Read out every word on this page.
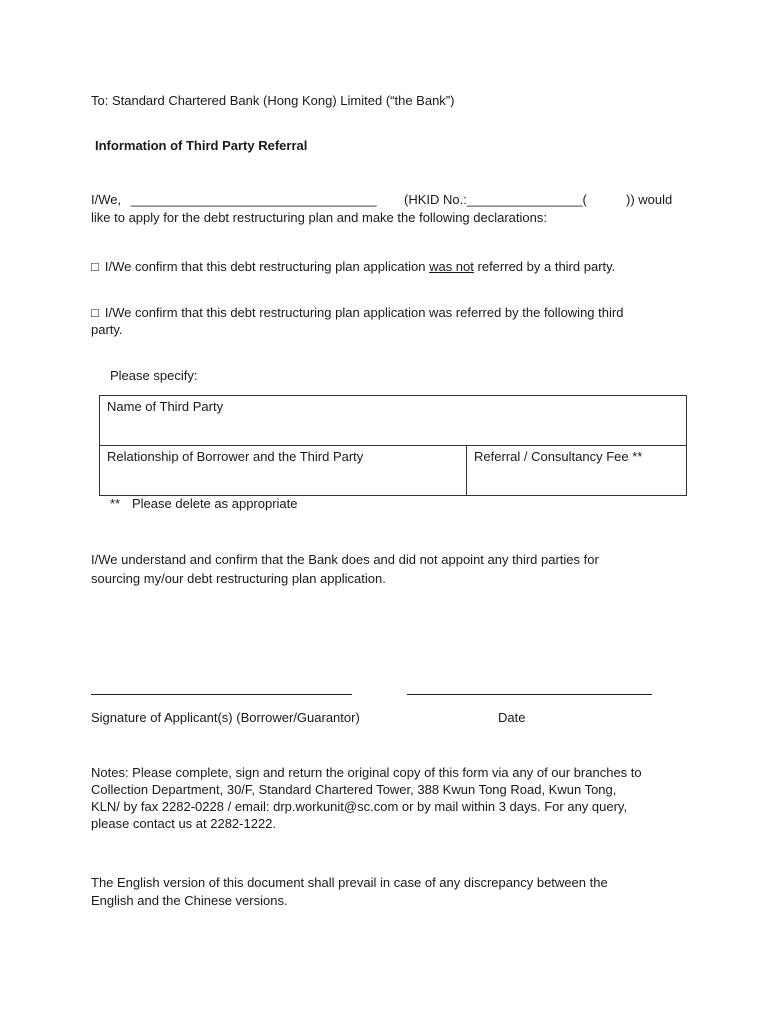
To: Standard Chartered Bank (Hong Kong) Limited (“the Bank”)
Information of Third Party Referral
I/We, __________________________________ (HKID No.:________________(	)) would
like to apply for the debt restructuring plan and make the following declarations:
□ I/We confirm that this debt restructuring plan application was not referred by a third party.
□ I/We confirm that this debt restructuring plan application was referred by the following third
party.
Please specify:
Name of Third Party
Relationship of Borrower and the Third Party	Referral / Consultancy Fee **
** Please delete as appropriate
I/We understand and confirm that the Bank does and did not appoint any third parties for
sourcing my/our debt restructuring plan application.
Signature of Applicant(s) (Borrower/Guarantor)	Date
Notes: Please complete, sign and return the original copy of this form via any of our branches to
Collection Department, 30/F, Standard Chartered Tower, 388 Kwun Tong Road, Kwun Tong,
KLN/ by fax 2282-0228 / email: drp.workunit@sc.com or by mail within 3 days. For any query,
please contact us at 2282-1222.
The English version of this document shall prevail in case of any discrepancy between the
English and the Chinese versions.
